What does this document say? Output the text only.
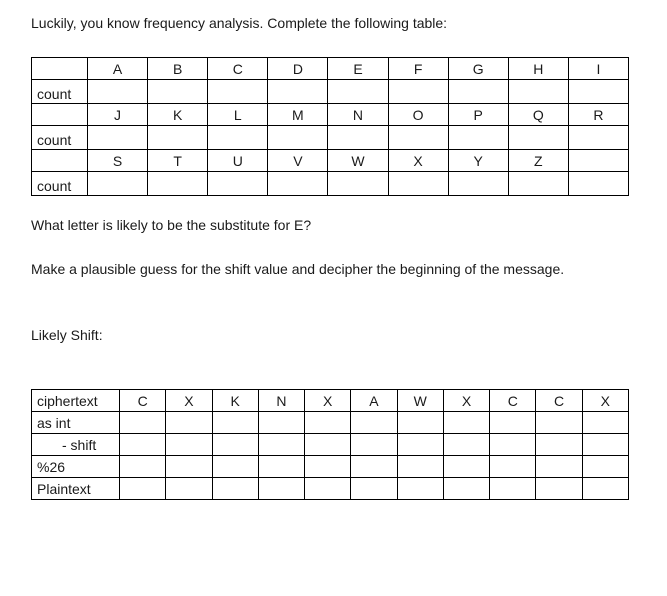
Luckily, you know frequency analysis. Complete the following table:

	A	B	C	D	E	F	G	H	I
count									
	J	K	L	M	N	O	P	Q	R
count									
	S	T	U	V	W	X	Y	Z	
count									

What letter is likely to be the substitute for E?

Make a plausible guess for the shift value and decipher the beginning of the message.

Likely Shift:

ciphertext	C	X	K	N	X	A	W	X	C	C	X
as int											
- shift											
%26											
Plaintext											
